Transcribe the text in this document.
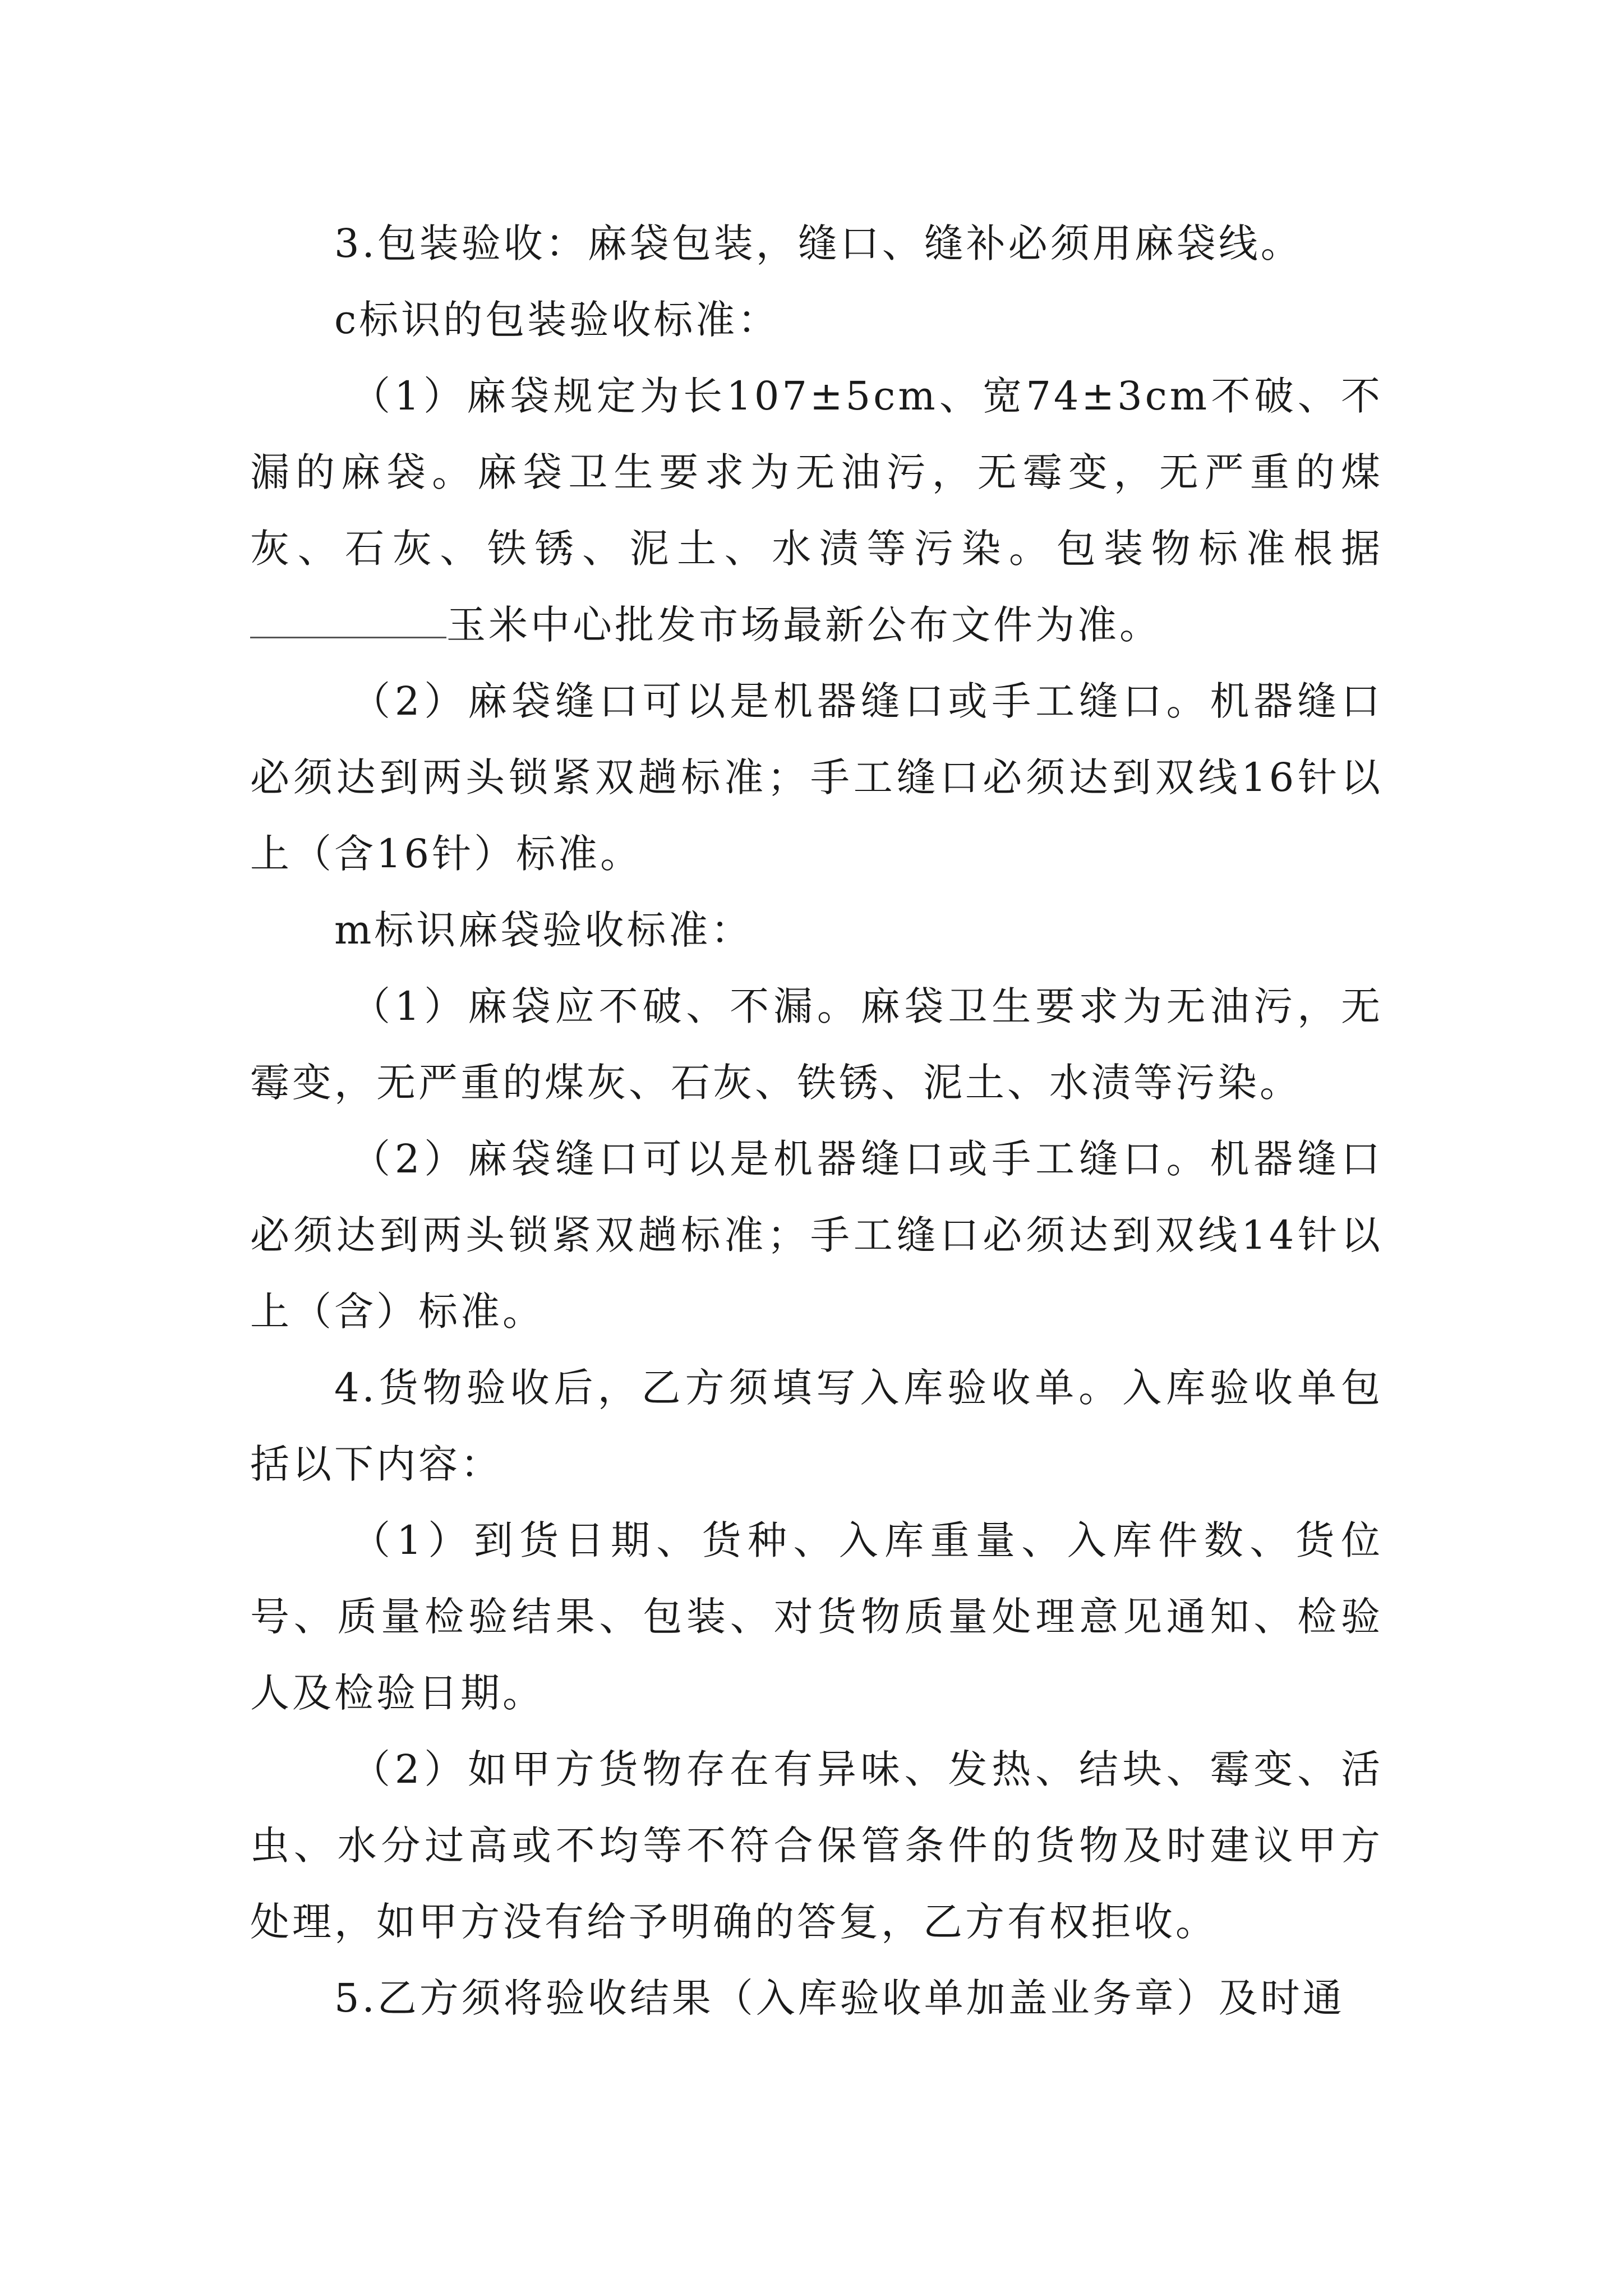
3.包装验收：麻袋包装，缝口、缝补必须用麻袋线。

c标识的包装验收标准：

（1）麻袋规定为长107±5cm、宽74±3cm不破、不漏的麻袋。麻袋卫生要求为无油污，无霉变，无严重的煤灰、石灰、铁锈、泥土、水渍等污染。包装物标准根据玉米中心批发市场最新公布文件为准。

（2）麻袋缝口可以是机器缝口或手工缝口。机器缝口必须达到两头锁紧双趟标准；手工缝口必须达到双线16针以上（含16针）标准。

m标识麻袋验收标准：

（1）麻袋应不破、不漏。麻袋卫生要求为无油污，无霉变，无严重的煤灰、石灰、铁锈、泥土、水渍等污染。

（2）麻袋缝口可以是机器缝口或手工缝口。机器缝口必须达到两头锁紧双趟标准；手工缝口必须达到双线14针以上（含）标准。

4.货物验收后，乙方须填写入库验收单。入库验收单包括以下内容：

（1）到货日期、货种、入库重量、入库件数、货位号、质量检验结果、包装、对货物质量处理意见通知、检验人及检验日期。

（2）如甲方货物存在有异味、发热、结块、霉变、活虫、水分过高或不均等不符合保管条件的货物及时建议甲方处理，如甲方没有给予明确的答复，乙方有权拒收。

5.乙方须将验收结果（入库验收单加盖业务章）及时通
